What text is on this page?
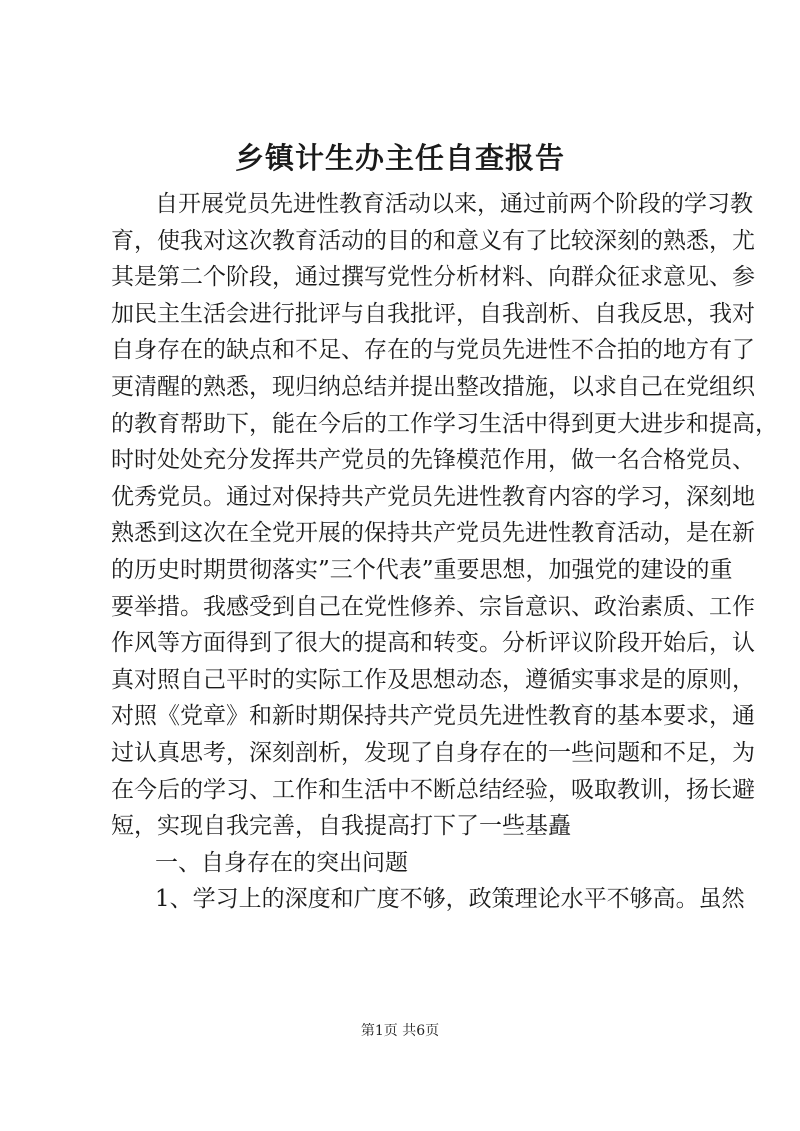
乡镇计生办主任自查报告
自开展党员先进性教育活动以来，通过前两个阶段的学习教
育，使我对这次教育活动的目的和意义有了比较深刻的熟悉，尤
其是第二个阶段，通过撰写党性分析材料、向群众征求意见、参
加民主生活会进行批评与自我批评，自我剖析、自我反思，我对
自身存在的缺点和不足、存在的与党员先进性不合拍的地方有了
更清醒的熟悉，现归纳总结并提出整改措施，以求自己在党组织
的教育帮助下，能在今后的工作学习生活中得到更大进步和提高，
时时处处充分发挥共产党员的先锋模范作用，做一名合格党员、
优秀党员。通过对保持共产党员先进性教育内容的学习，深刻地
熟悉到这次在全党开展的保持共产党员先进性教育活动，是在新
的历史时期贯彻落实”三个代表”重要思想，加强党的建设的重
要举措。我感受到自己在党性修养、宗旨意识、政治素质、工作
作风等方面得到了很大的提高和转变。分析评议阶段开始后，认
真对照自己平时的实际工作及思想动态，遵循实事求是的原则，
对照《党章》和新时期保持共产党员先进性教育的基本要求，通
过认真思考，深刻剖析，发现了自身存在的一些问题和不足，为
在今后的学习、工作和生活中不断总结经验，吸取教训，扬长避
短，实现自我完善，自我提高打下了一些基矗
一、自身存在的突出问题
1、学习上的深度和广度不够，政策理论水平不够高。虽然
第1页 共6页
